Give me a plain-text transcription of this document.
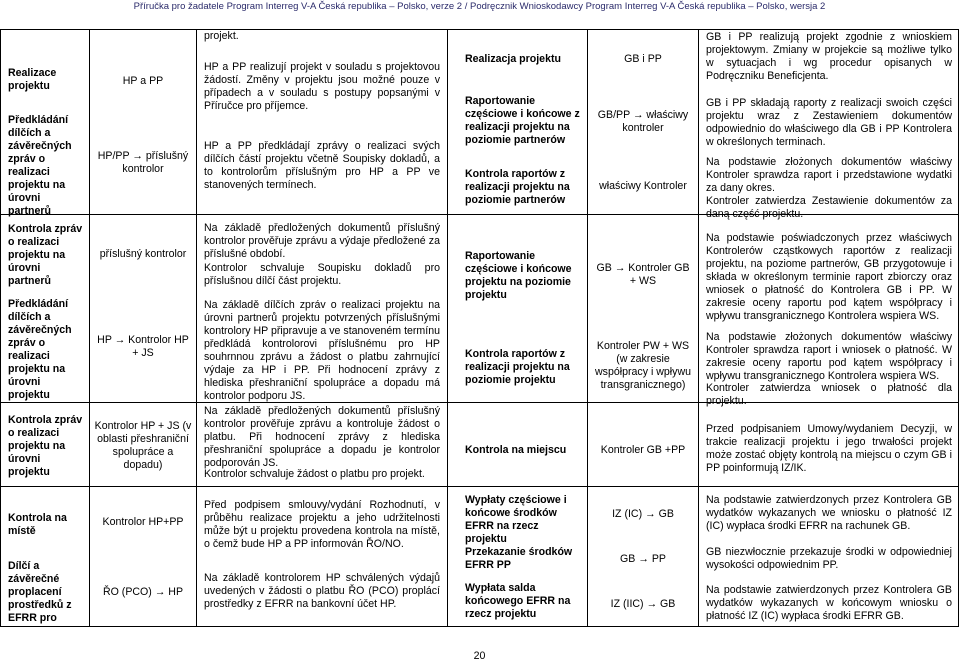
Příručka pro žadatele Program Interreg V-A Česká republika – Polsko, verze 2 / Podręcznik Wnioskodawcy Program Interreg V-A Česká republika – Polsko, wersja 2
Realizace projektu
Předkládání dílčích a závěrečných zpráv o realizaci projektu na úrovni partnerů
Kontrola zpráv o realizaci projektu na úrovni partnerů
Předkládání dílčích a závěrečných zpráv o realizaci projektu na úrovni projektu
Kontrola zpráv o realizaci projektu na úrovni projektu
Kontrola na místě
Dílčí a závěrečné proplacení prostředků z EFRR pro
HP a PP
HP/PP → příslušný kontrolor
příslušný kontrolor
HP → Kontrolor HP + JS
Kontrolor HP + JS (v oblasti přeshraniční spolupráce a dopadu)
Kontrolor HP+PP
ŘO (PCO) → HP
projekt.
HP a PP realizují projekt v souladu s projektovou žádostí. Změny v projektu jsou možné pouze v případech a v souladu s postupy popsanými v Příručce pro příjemce.
HP a PP předkládají zprávy o realizaci svých dílčích částí projektu včetně Soupisky dokladů, a to kontrolorům příslušným pro HP a PP ve stanovených termínech.
Na základě předložených dokumentů příslušný kontrolor prověřuje zprávu a výdaje předložené za příslušné období.
Kontrolor schvaluje Soupisku dokladů pro příslušnou dílčí část projektu.
Na základě dílčích zpráv o realizaci projektu na úrovni partnerů projektu potvrzených příslušnými kontrolory HP připravuje a ve stanoveném termínu předkládá kontrolorovi příslušnému pro HP souhrnnou zprávu a žádost o platbu zahrnující výdaje za HP i PP. Při hodnocení zprávy z hlediska přeshraniční spolupráce a dopadu má kontrolor podporu JS.
Na základě předložených dokumentů příslušný kontrolor prověřuje zprávu a kontroluje žádost o platbu. Při hodnocení zprávy z hlediska přeshraniční spolupráce a dopadu je kontrolor podporován JS.
Kontrolor schvaluje žádost o platbu pro projekt.
Před podpisem smlouvy/vydání Rozhodnutí, v průběhu realizace projektu a jeho udržitelnosti může být u projektu provedena kontrola na místě, o čemž bude HP a PP informován ŘO/NO.
Na základě kontrolorem HP schválených výdajů uvedených v žádosti o platbu ŘO (PCO) proplácí prostředky z EFRR na bankovní účet HP.
Realizacja projektu
Raportowanie częściowe i końcowe z realizacji projektu na poziomie partnerów
Kontrola raportów z realizacji projektu na poziomie partnerów
Raportowanie częściowe i końcowe projektu na poziomie projektu
Kontrola raportów z realizacji projektu na poziomie projektu
Kontrola na miejscu
Wypłaty częściowe i końcowe środków EFRR na rzecz projektu
Przekazanie środków EFRR PP
Wypłata salda końcowego EFRR na rzecz projektu
GB i PP
GB/PP → właściwy kontroler
właściwy Kontroler
GB → Kontroler GB + WS
Kontroler PW + WS (w zakresie współpracy i wpływu transgranicznego)
Kontroler GB +PP
IZ (IC) → GB
GB → PP
IZ (IIC) → GB
GB i PP realizują projekt zgodnie z wnioskiem projektowym. Zmiany w projekcie są możliwe tylko w sytuacjach i wg procedur opisanych w Podręczniku Beneficjenta.
GB i PP składają raporty z realizacji swoich części projektu wraz z Zestawieniem dokumentów odpowiednio do właściwego dla GB i PP Kontrolera w określonych terminach.
Na podstawie złożonych dokumentów właściwy Kontroler sprawdza raport i przedstawione wydatki za dany okres.
Kontroler zatwierdza Zestawienie dokumentów za daną część projektu.
Na podstawie poświadczonych przez właściwych Kontrolerów cząstkowych raportów z realizacji projektu, na poziome partnerów, GB przygotowuje i składa w określonym terminie raport zbiorczy oraz wniosek o płatność do Kontrolera GB i PP. W zakresie oceny raportu pod kątem współpracy i wpływu transgranicznego Kontrolera wspiera WS.
Na podstawie złożonych dokumentów właściwy Kontroler sprawdza raport i wniosek o płatność. W zakresie oceny raportu pod kątem współpracy i wpływu transgranicznego Kontrolera wspiera WS.
Kontroler zatwierdza wniosek o płatność dla projektu.
Przed podpisaniem Umowy/wydaniem Decyzji, w trakcie realizacji projektu i jego trwałości projekt może zostać objęty kontrolą na miejscu o czym GB i PP poinformują IZ/IK.
Na podstawie zatwierdzonych przez Kontrolera GB wydatków wykazanych we wniosku o płatność IZ (IC) wypłaca środki EFRR na rachunek GB.
GB niezwłocznie przekazuje środki w odpowiedniej wysokości odpowiednim PP.
Na podstawie zatwierdzonych przez Kontrolera GB wydatków wykazanych w końcowym wniosku o płatność IZ (IC) wypłaca środki EFRR GB.
20
